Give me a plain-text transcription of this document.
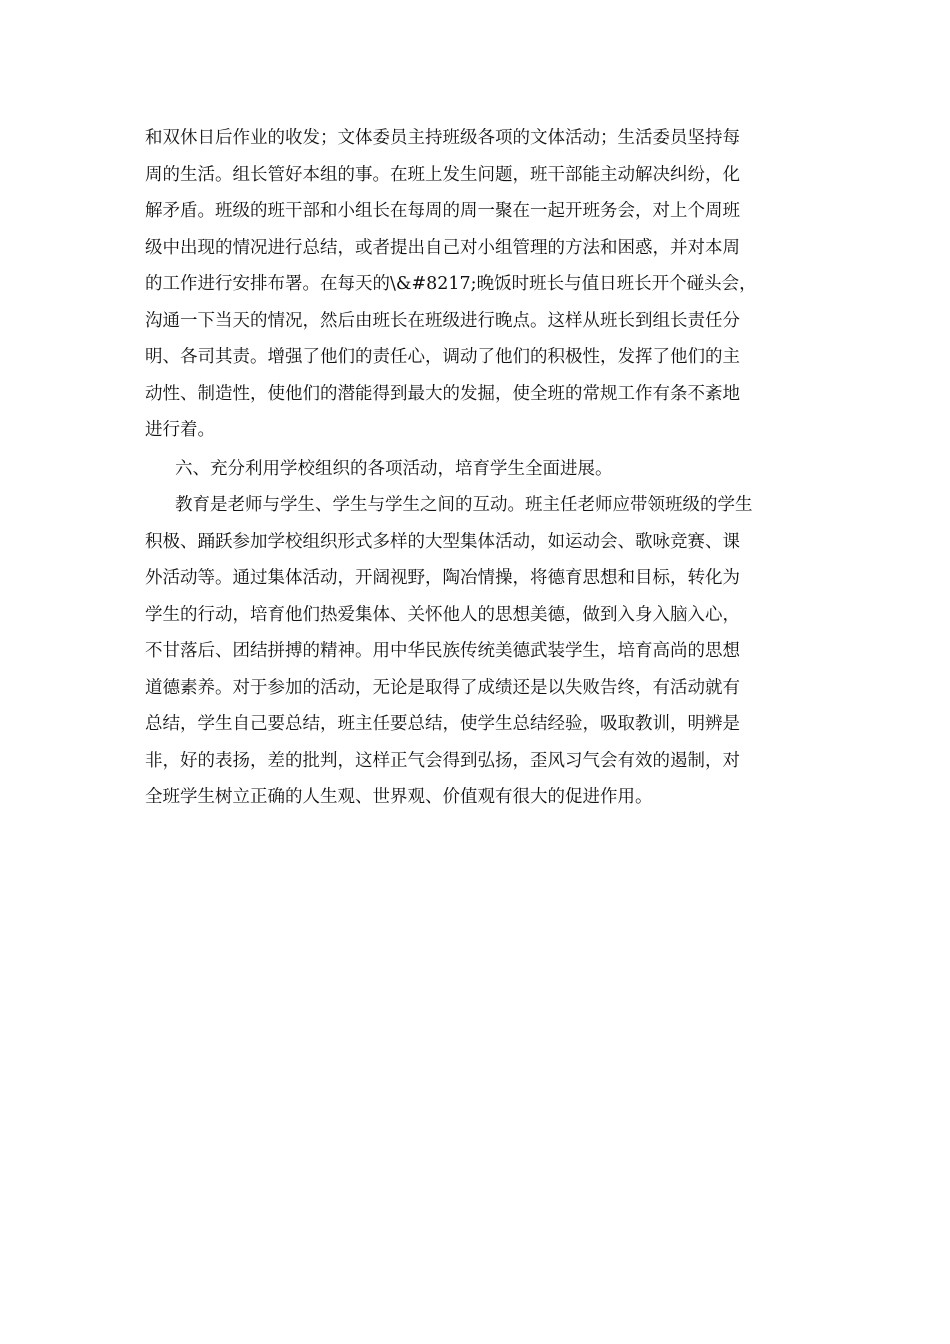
和双休日后作业的收发；文体委员主持班级各项的文体活动；生活委员坚持每
周的生活。组长管好本组的事。在班上发生问题，班干部能主动解决纠纷，化
解矛盾。班级的班干部和小组长在每周的周一聚在一起开班务会，对上个周班
级中出现的情况进行总结，或者提出自己对小组管理的方法和困惑，并对本周
的工作进行安排布署。在每天的\&#8217;晚饭时班长与值日班长开个碰头会，
沟通一下当天的情况，然后由班长在班级进行晚点。这样从班长到组长责任分
明、各司其责。增强了他们的责任心，调动了他们的积极性，发挥了他们的主
动性、制造性，使他们的潜能得到最大的发掘，使全班的常规工作有条不紊地
进行着。
六、充分利用学校组织的各项活动，培育学生全面进展。
教育是老师与学生、学生与学生之间的互动。班主任老师应带领班级的学生
积极、踊跃参加学校组织形式多样的大型集体活动，如运动会、歌咏竞赛、课
外活动等。通过集体活动，开阔视野，陶冶情操，将德育思想和目标，转化为
学生的行动，培育他们热爱集体、关怀他人的思想美德，做到入身入脑入心，
不甘落后、团结拼搏的精神。用中华民族传统美德武装学生，培育高尚的思想
道德素养。对于参加的活动，无论是取得了成绩还是以失败告终，有活动就有
总结，学生自己要总结，班主任要总结，使学生总结经验，吸取教训，明辨是
非，好的表扬，差的批判，这样正气会得到弘扬，歪风习气会有效的遏制，对
全班学生树立正确的人生观、世界观、价值观有很大的促进作用。
